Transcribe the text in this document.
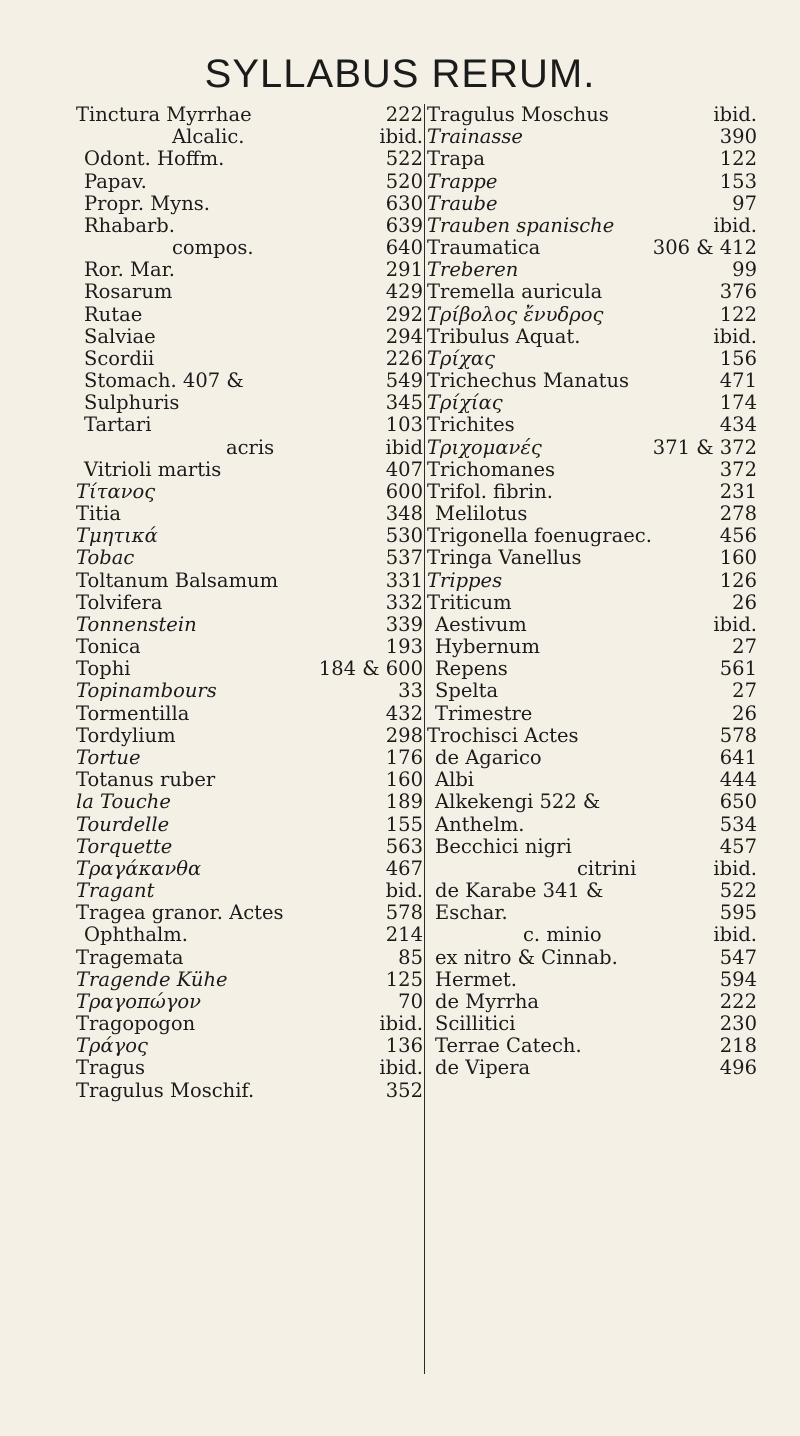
SYLLABUS RERUM.
Tinctura Myrrhae	222
Alcalic.	ibid.
Odont. Hoffm.	522
Papav.	520
Propr. Myns.	630
Rhabarb.	639
compos.	640
Ror. Mar.	291
Rosarum	429
Rutae	292
Salviae	294
Scordii	226
Stomach. 407 &	549
Sulphuris	345
Tartari	103
acris	ibid
Vitrioli martis	407
Τίτανος	600
Titia	348
Τμητικά	530
Tobac	537
Toltanum Balsamum	331
Tolvifera	332
Tonnenstein	339
Tonica	193
Tophi	184 & 600
Topinambours	33
Tormentilla	432
Tordylium	298
Tortue	176
Totanus ruber	160
la Touche	189
Tourdelle	155
Torquette	563
Τραγάκανθα	467
Tragant	bid.
Tragea granor. Actes	578
Ophthalm.	214
Tragemata	85
Tragende Kühe	125
Τραγοπώγον	70
Tragopogon	ibid.
Τράγος	136
Tragus	ibid.
Tragulus Moschif.	352
Tragulus Moschus	ibid.
Trainasse	390
Trapa	122
Trappe	153
Traube	97
Trauben spanische	ibid.
Traumatica	306 & 412
Treberen	99
Tremella auricula	376
Τρίβολος ἔνυδρος	122
Tribulus Aquat.	ibid.
Τρίχας	156
Trichechus Manatus	471
Τρίχίας	174
Trichites	434
Τριχομανές	371 & 372
Trichomanes	372
Trifol. fibrin.	231
Melilotus	278
Trigonella foenugraec.	456
Tringa Vanellus	160
Trippes	126
Triticum	26
Aestivum	ibid.
Hybernum	27
Repens	561
Spelta	27
Trimestre	26
Trochisci Actes	578
de Agarico	641
Albi	444
Alkekengi 522 &	650
Anthelm.	534
Becchici nigri	457
citrini	ibid.
de Karabe 341 &	522
Eschar.	595
c. minio	ibid.
ex nitro & Cinnab.	547
Hermet.	594
de Myrrha	222
Scillitici	230
Terrae Catech.	218
de Vipera	496
